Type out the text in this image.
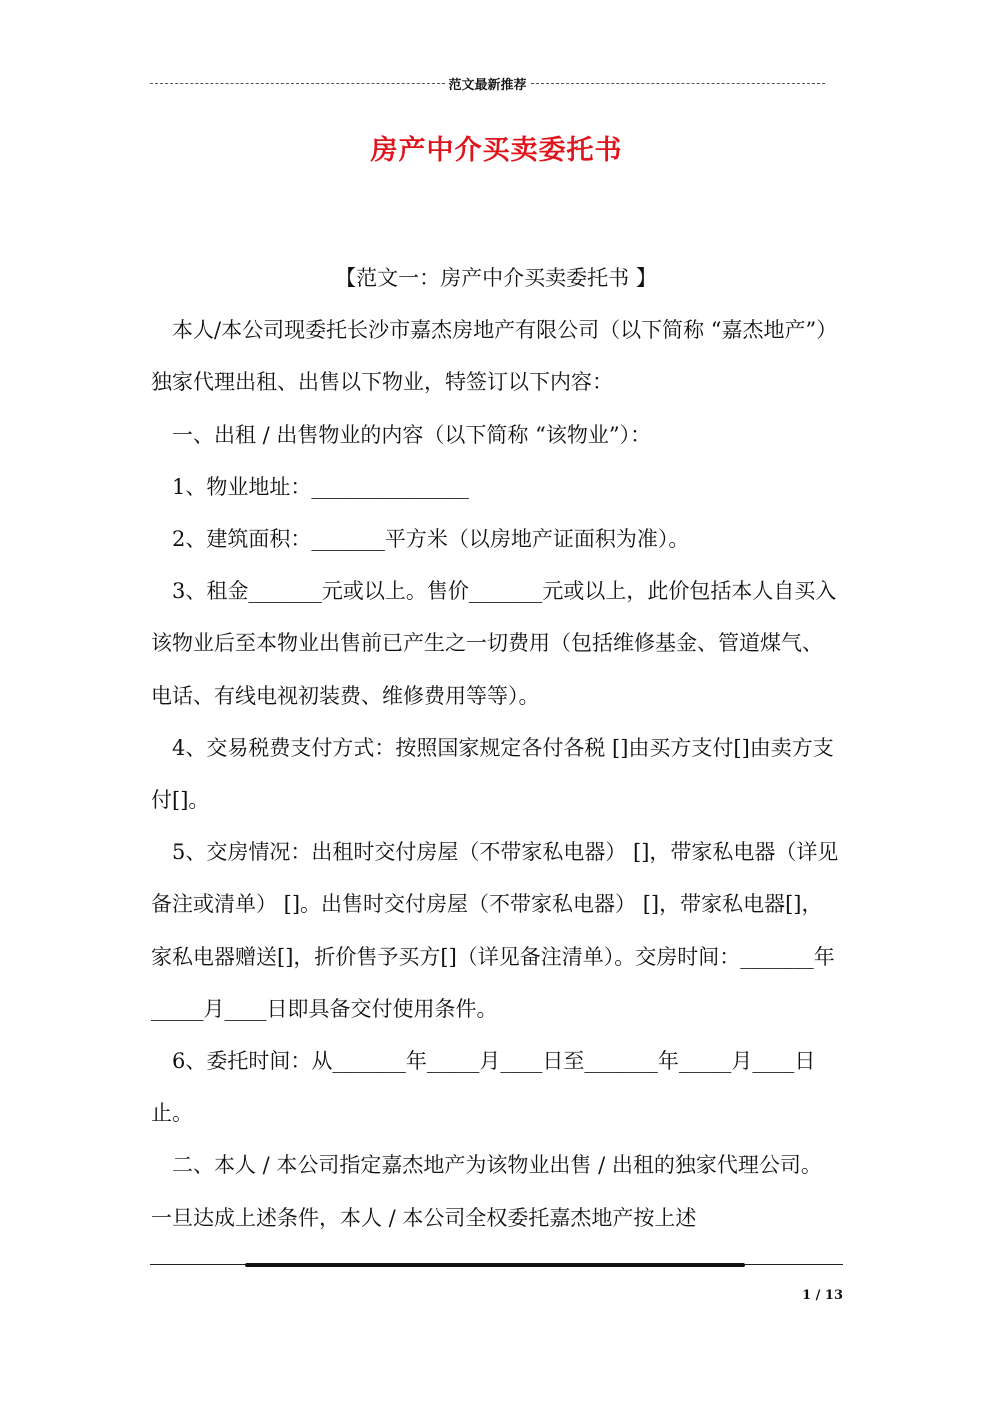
范文最新推荐
房产中介买卖委托书

【范文一：房产中介买卖委托书 】

本人/本公司现委托长沙市嘉杰房地产有限公司（以下简称 “嘉杰地产”）独家代理出租、出售以下物业，特签订以下内容：

一、出租 / 出售物业的内容（以下简称 “该物业”）：

1、物业地址：_______________

2、建筑面积：_______平方米（以房地产证面积为准）。

3、租金_______元或以上。售价_______元或以上，此价包括本人自买入该物业后至本物业出售前已产生之一切费用（包括维修基金、管道煤气、电话、有线电视初装费、维修费用等等）。

4、交易税费支付方式：按照国家规定各付各税 []由买方支付[]由卖方支付[]。

5、交房情况：出租时交付房屋（不带家私电器） []，带家私电器（详见备注或清单） []。出售时交付房屋（不带家私电器） []，带家私电器[]，家私电器赠送[]，折价售予买方[]（详见备注清单）。交房时间：_______年_____月____日即具备交付使用条件。

6、委托时间：从_______年_____月____日至_______年_____月____日止。

二、本人 / 本公司指定嘉杰地产为该物业出售 / 出租的独家代理公司。一旦达成上述条件，本人 / 本公司全权委托嘉杰地产按上述

1 / 13
